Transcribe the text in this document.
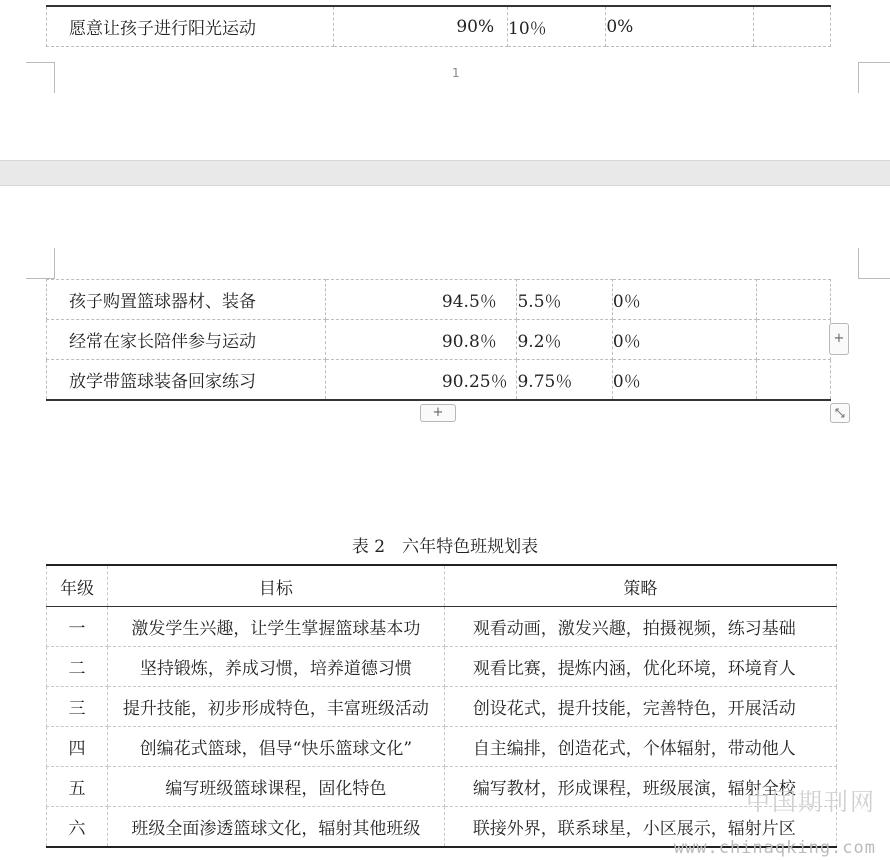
愿意让孩子进行阳光运动	90%	10％	0%	
1
孩子购置篮球器材、装备	94.5％	5.5％	0％	
经常在家长陪伴参与运动	90.8％	9.2％	0％	
放学带篮球装备回家练习	90.25％	9.75％	0％	
+
+
表 2　六年特色班规划表
年级	目标	策略
一	激发学生兴趣，让学生掌握篮球基本功	观看动画，激发兴趣，拍摄视频，练习基础
二	坚持锻炼，养成习惯，培养道德习惯	观看比赛，提炼内涵，优化环境，环境育人
三	提升技能，初步形成特色，丰富班级活动	创设花式，提升技能，完善特色，开展活动
四	创编花式篮球，倡导“快乐篮球文化”	自主编排，创造花式，个体辐射，带动他人
五	编写班级篮球课程，固化特色	编写教材，形成课程，班级展演，辐射全校
六	班级全面渗透篮球文化，辐射其他班级	联接外界，联系球星，小区展示，辐射片区
中国期刊网
www.chinaqking.com
